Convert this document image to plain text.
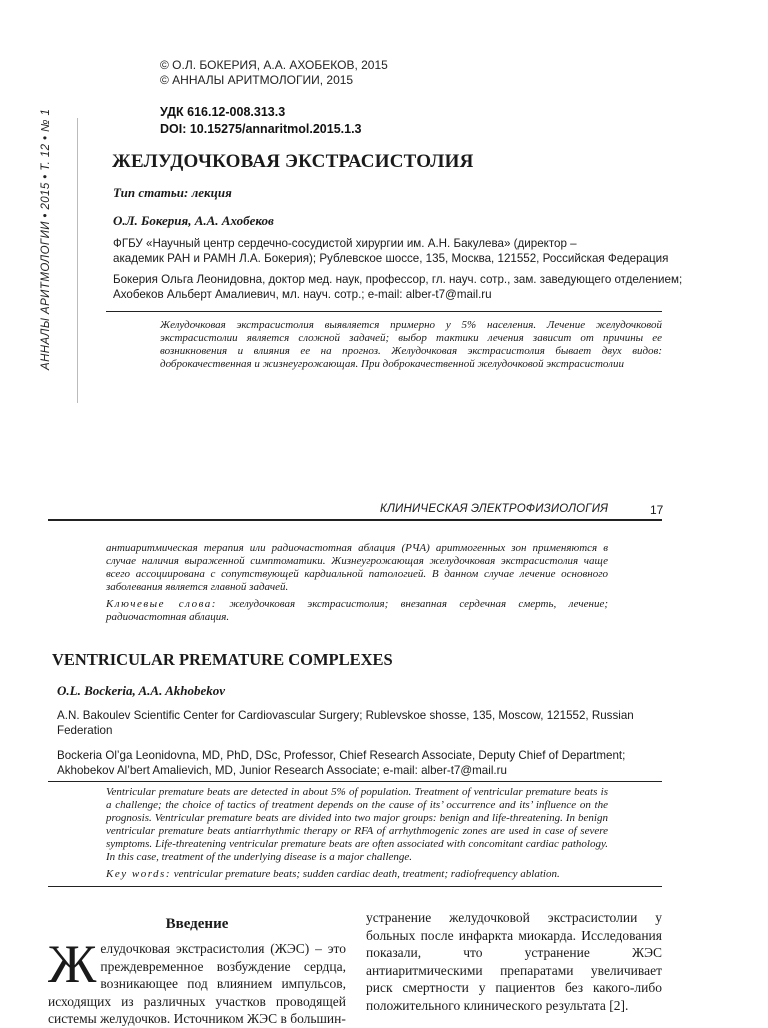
© О.Л. БОКЕРИЯ, А.А. АХОБЕКОВ, 2015
© АННАЛЫ АРИТМОЛОГИИ, 2015
УДК 616.12-008.313.3
DOI: 10.15275/annaritmol.2015.1.3
АННАЛЫ АРИТМОЛОГИИ • 2015 • Т. 12 • № 1	ЖЕЛУДОЧКОВАЯ ЭКСТРАСИСТОЛИЯ
Тип статьи: лекция
О.Л. Бокерия, А.А. Ахобеков
ФГБУ «Научный центр сердечно-сосудистой хирургии им. А.Н. Бакулева» (директор –
академик РАН и РАМН Л.А. Бокерия); Рублевское шоссе, 135, Москва, 121552, Российская Федерация
Бокерия Ольга Леонидовна, доктор мед. наук, профессор, гл. науч. сотр., зам. заведующего отделением;
Ахобеков Альберт Амалиевич, мл. науч. сотр.; e-mail: alber-t7@mail.ru
Желудочковая экстрасистолия выявляется примерно у 5% населения. Лечение желудочковой экстрасистолии является сложной задачей; выбор тактики лечения зависит от причины ее возникновения и влияния ее на прогноз. Желудочковая экстрасистолия бывает двух видов: доброкачественная и жизнеугрожающая. При доброкачественной желудочковой экстрасистолии
КЛИНИЧЕСКАЯ ЭЛЕКТРОФИЗИОЛОГИЯ	17
антиаритмическая терапия или радиочастотная аблация (РЧА) аритмогенных зон применяются в случае наличия выраженной симптоматики. Жизнеугрожающая желудочковая экстрасистолия чаще всего ассоциирована с сопутствующей кардиальной патологией. В данном случае лечение основного заболевания является главной задачей.
Ключевые слова: желудочковая экстрасистолия; внезапная сердечная смерть, лечение; радиочастотная аблация.
VENTRICULAR PREMATURE COMPLEXES
O.L. Bockeria, A.A. Akhobekov
A.N. Bakoulev Scientific Center for Cardiovascular Surgery; Rublevskoe shosse, 135, Moscow, 121552, Russian Federation
Bockeria Ol’ga Leonidovna, MD, PhD, DSc, Professor, Chief Research Associate, Deputy Chief of Department;
Akhobekov Al’bert Amalievich, MD, Junior Research Associate; e-mail: alber-t7@mail.ru
Ventricular premature beats are detected in about 5% of population. Treatment of ventricular premature beats is a challenge; the choice of tactics of treatment depends on the cause of its’ occurrence and its’ influence on the prognosis. Ventricular premature beats are divided into two major groups: benign and life-threatening. In benign ventricular premature beats antiarrhythmic therapy or RFA of arrhythmogenic zones are used in case of severe symptoms. Life-threatening ventricular premature beats are often associated with concomitant cardiac pathology. In this case, treatment of the underlying disease is a major challenge.
Key words: ventricular premature beats; sudden cardiac death, treatment; radiofrequency ablation.
Введение
Ж елудочковая экстрасистолия (ЖЭС) – это преждевременное возбуждение сердца, возникающее под влиянием импульсов, исходящих из различных участков проводящей системы желудочков. Источником ЖЭС в большин-
устранение желудочковой экстрасистолии у больных после инфаркта миокарда. Исследования показали, что устранение ЖЭС антиаритмическими препаратами увеличивает риск смертности у пациентов без какого-либо положительного клинического результата [2].
